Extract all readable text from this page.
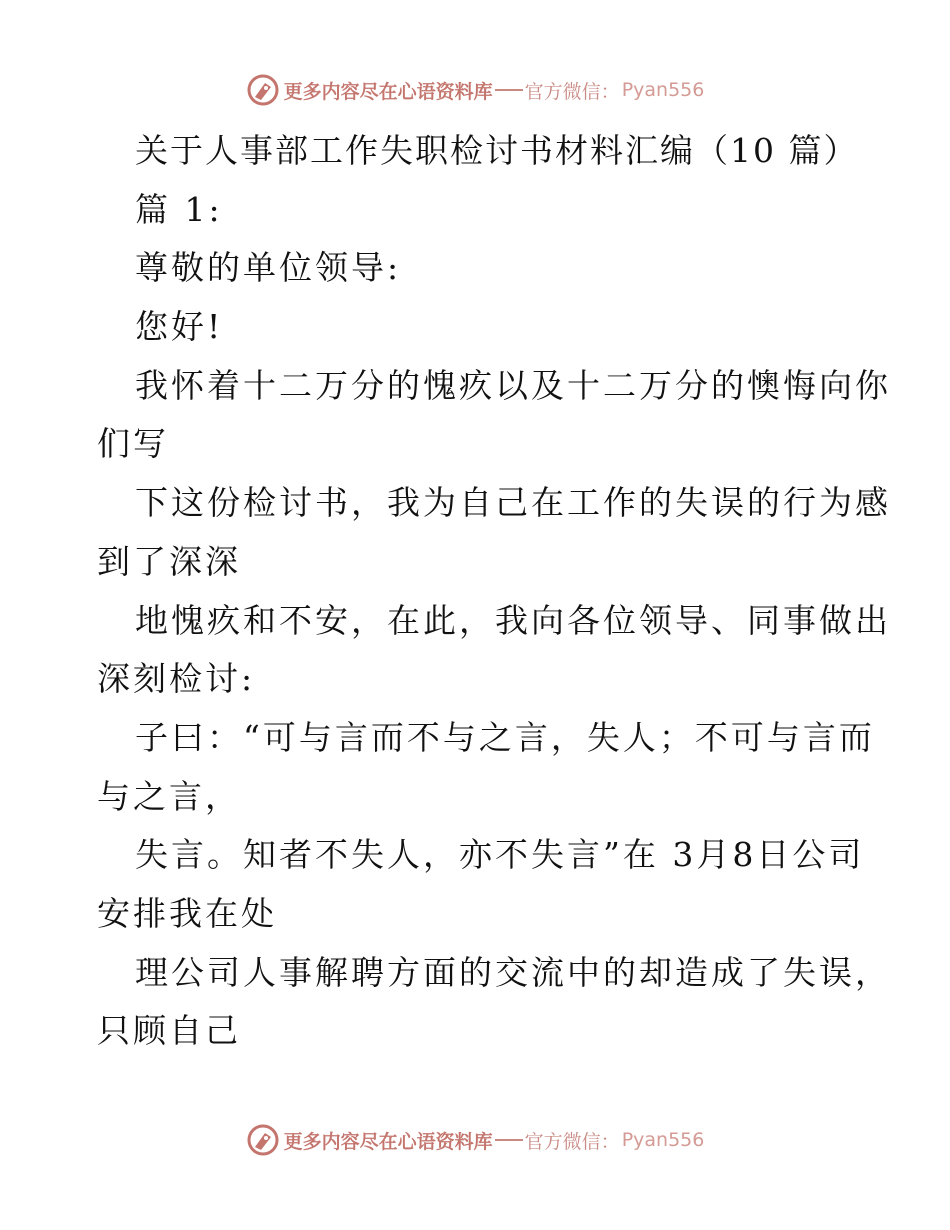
更多内容尽在心语资料库 官方微信： Pyan556
关于人事部工作失职检讨书材料汇编（10 篇）
篇 1:
尊敬的单位领导:
您好!
我怀着十二万分的愧疚以及十二万分的懊悔向你
们写
下这份检讨书，我为自己在工作的失误的行为感
到了深深
地愧疚和不安，在此，我向各位领导、同事做出
深刻检讨:
子曰：“可与言而不与之言，失人；不可与言而
与之言，
失言。知者不失人，亦不失言”在 3月8日公司
安排我在处
理公司人事解聘方面的交流中的却造成了失误，
只顾自己
更多内容尽在心语资料库 官方微信： Pyan556
